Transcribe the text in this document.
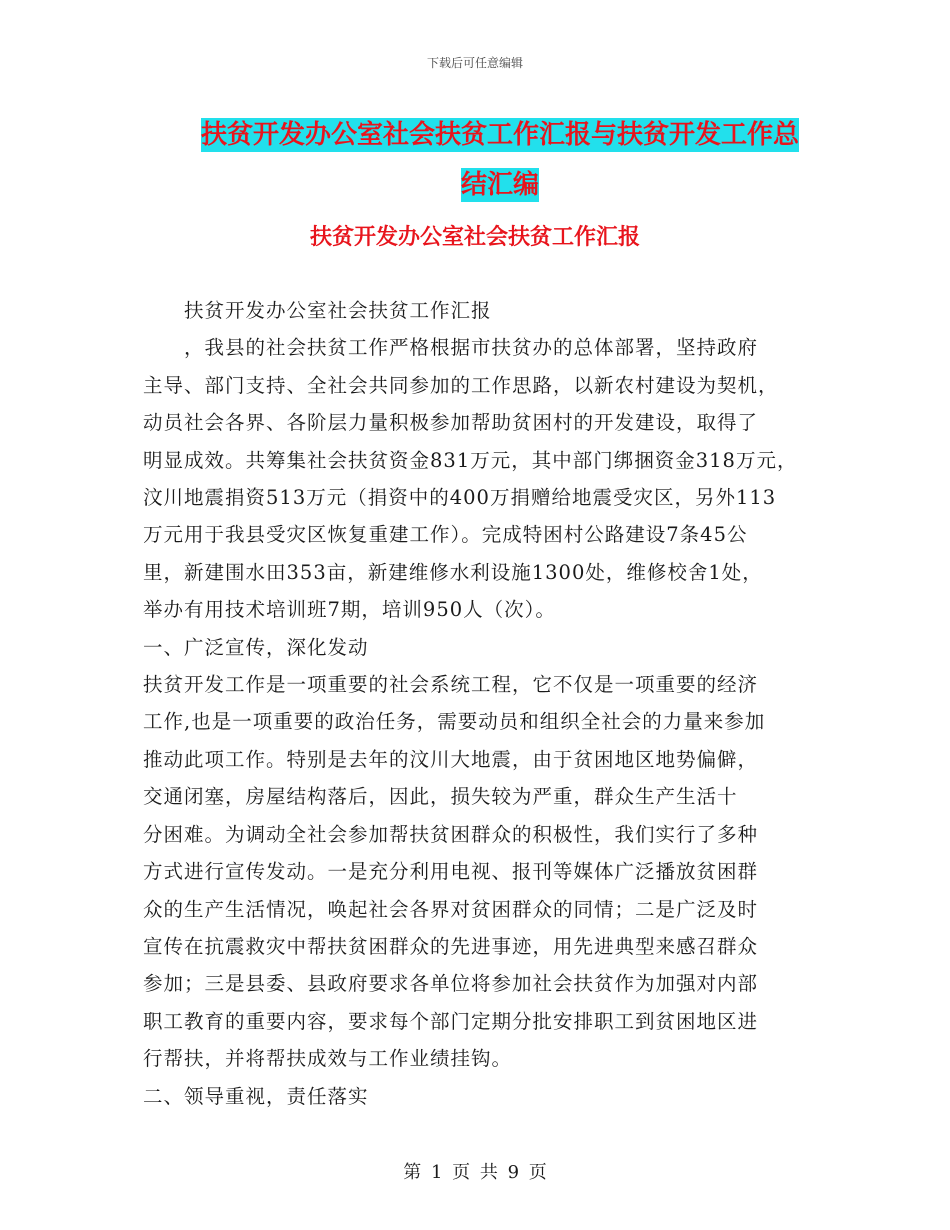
下载后可任意编辑
扶贫开发办公室社会扶贫工作汇报与扶贫开发工作总
结汇编
扶贫开发办公室社会扶贫工作汇报

　　扶贫开发办公室社会扶贫工作汇报

　　，我县的社会扶贫工作严格根据市扶贫办的总体部署，坚持政府

主导、部门支持、全社会共同参加的工作思路，以新农村建设为契机，

动员社会各界、各阶层力量积极参加帮助贫困村的开发建设，取得了

明显成效。共筹集社会扶贫资金831万元，其中部门绑捆资金318万元，

汶川地震捐资513万元（捐资中的400万捐赠给地震受灾区，另外113

万元用于我县受灾区恢复重建工作）。完成特困村公路建设7条45公

里，新建围水田353亩，新建维修水利设施1300处，维修校舍1处，

举办有用技术培训班7期，培训950人（次）。

一、广泛宣传，深化发动

扶贫开发工作是一项重要的社会系统工程，它不仅是一项重要的经济

工作,也是一项重要的政治任务，需要动员和组织全社会的力量来参加

推动此项工作。特别是去年的汶川大地震，由于贫困地区地势偏僻，

交通闭塞，房屋结构落后，因此，损失较为严重，群众生产生活十

分困难。为调动全社会参加帮扶贫困群众的积极性，我们实行了多种

方式进行宣传发动。一是充分利用电视、报刊等媒体广泛播放贫困群

众的生产生活情况，唤起社会各界对贫困群众的同情；二是广泛及时

宣传在抗震救灾中帮扶贫困群众的先进事迹，用先进典型来感召群众

参加；三是县委、县政府要求各单位将参加社会扶贫作为加强对内部

职工教育的重要内容，要求每个部门定期分批安排职工到贫困地区进

行帮扶，并将帮扶成效与工作业绩挂钩。

二、领导重视，责任落实

第 1 页 共 9 页
